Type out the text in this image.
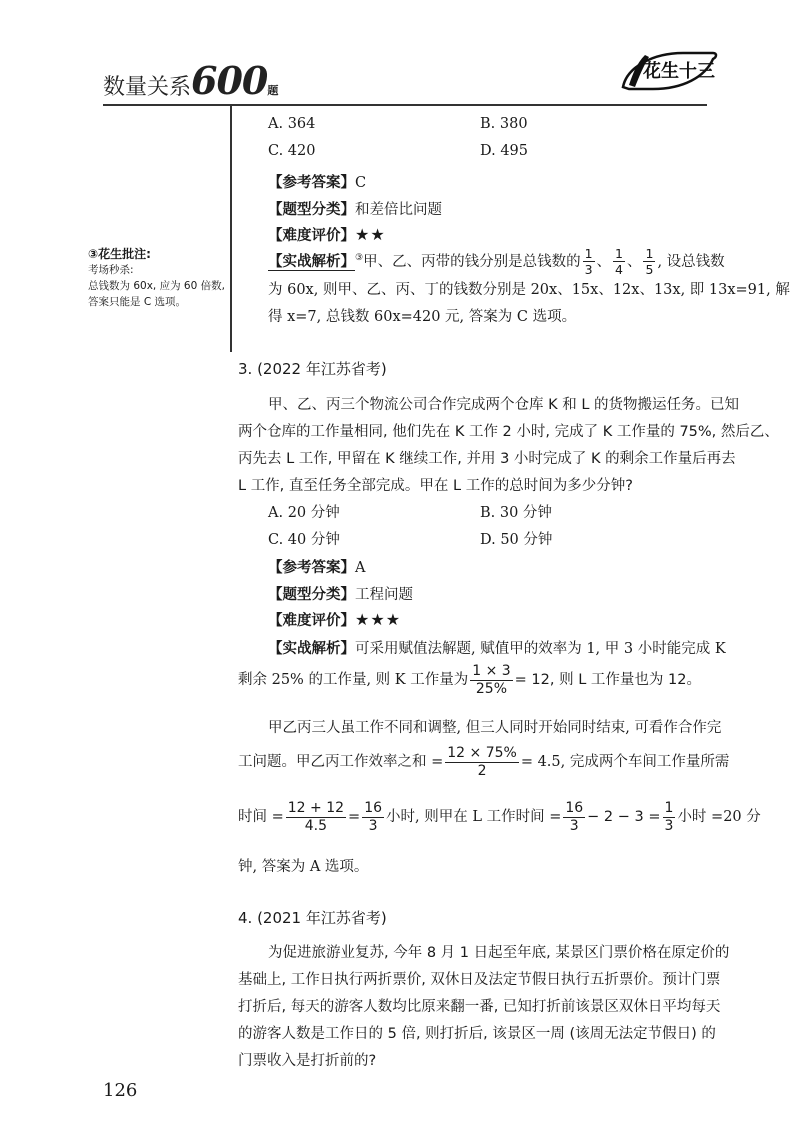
数量关系600题
花生十三
③花生批注:
考场秒杀:
总钱数为 60x, 应为 60 倍数,
答案只能是 C 选项。
A. 364	B. 380
C. 420	D. 495
【参考答案】C
【题型分类】和差倍比问题
【难度评价】★★
【实战解析】③甲、乙、丙带的钱分别是总钱数的 $\frac{1}{3}$ 、 $\frac{1}{4}$ 、 $\frac{1}{5}$ , 设总钱数
为 60x, 则甲、乙、丙、丁的钱数分别是 20x、15x、12x、13x, 即 13x=91, 解
得 x=7, 总钱数 60x=420 元, 答案为 C 选项。
3. (2022 年江苏省考)
甲、乙、丙三个物流公司合作完成两个仓库 K 和 L 的货物搬运任务。已知
两个仓库的工作量相同, 他们先在 K 工作 2 小时, 完成了 K 工作量的 75%, 然后乙、
丙先去 L 工作, 甲留在 K 继续工作, 并用 3 小时完成了 K 的剩余工作量后再去
L 工作, 直至任务全部完成。甲在 L 工作的总时间为多少分钟?
A. 20 分钟	B. 30 分钟
C. 40 分钟	D. 50 分钟
【参考答案】A
【题型分类】工程问题
【难度评价】★★★
【实战解析】可采用赋值法解题, 赋值甲的效率为 1, 甲 3 小时能完成 K
剩余 25% 的工作量, 则 K 工作量为 $\frac{1 \times 3}{25\%} = 12$, 则 L 工作量也为 12。
甲乙丙三人虽工作不同和调整, 但三人同时开始同时结束, 可看作合作完
工问题。甲乙丙工作效率之和 = $\frac{12 \times 75\%}{2} = 4.5$, 完成两个车间工作量所需
时间 = $\frac{12 + 12}{4.5} = \frac{16}{3}$ 小时, 则甲在 L 工作时间 = $\frac{16}{3} - 2 - 3 = \frac{1}{3}$ 小时 =20 分
钟, 答案为 A 选项。
4. (2021 年江苏省考)
为促进旅游业复苏, 今年 8 月 1 日起至年底, 某景区门票价格在原定价的
基础上, 工作日执行两折票价, 双休日及法定节假日执行五折票价。预计门票
打折后, 每天的游客人数均比原来翻一番, 已知打折前该景区双休日平均每天
的游客人数是工作日的 5 倍, 则打折后, 该景区一周 (该周无法定节假日) 的
门票收入是打折前的?
126
